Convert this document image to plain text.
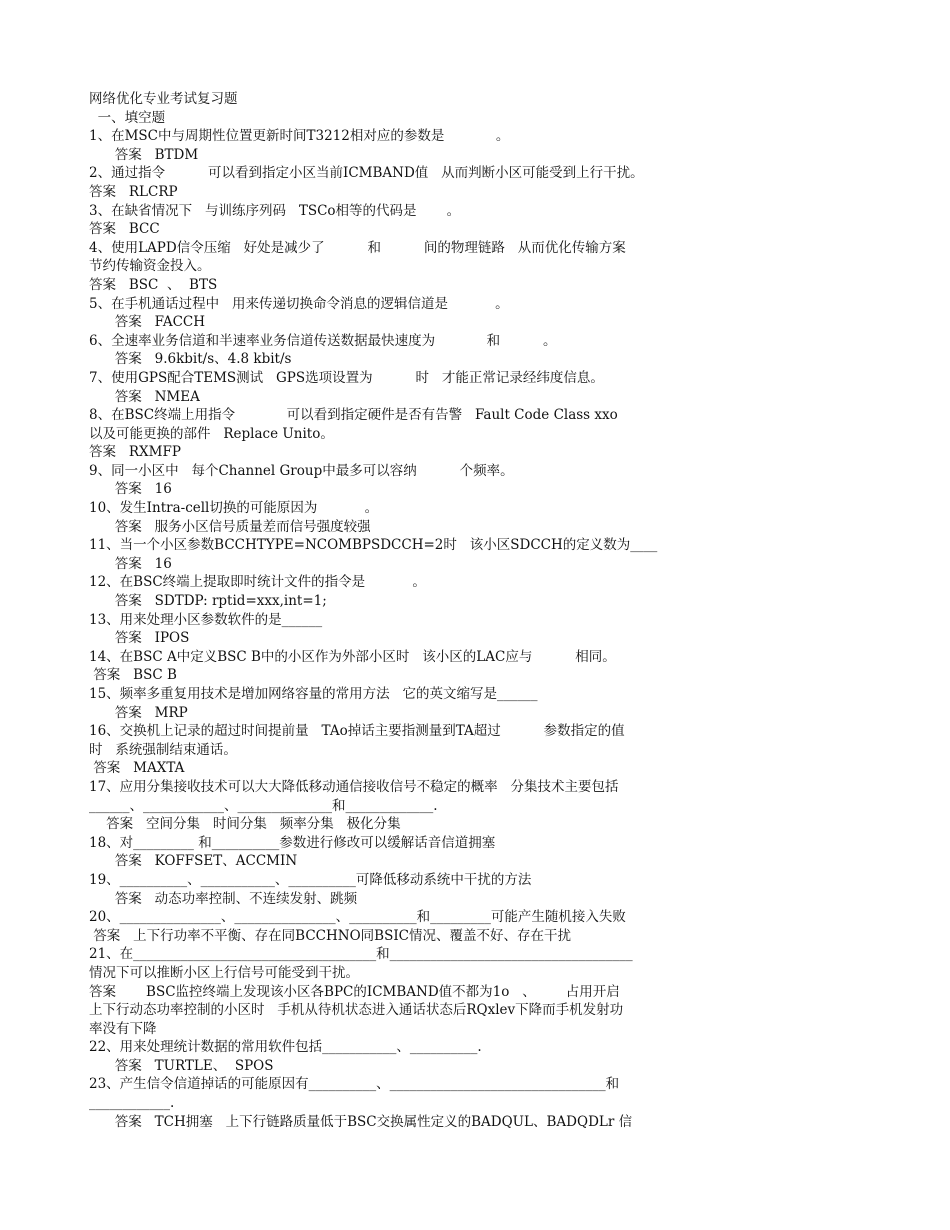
网络优化专业考试复习题
一、填空题
1、在MSC中与周期性位置更新时间T3212相对应的参数是            。
答案   BTDM
2、通过指令          可以看到指定小区当前ICMBAND值   从而判断小区可能受到上行干扰。
答案   RLCRP
3、在缺省情况下   与训练序列码   TSCo相等的代码是       。
答案   BCC
4、使用LAPD信令压缩   好处是减少了          和          间的物理链路   从而优化传输方案
节约传输资金投入。
答案   BSC  、  BTS
5、在手机通话过程中   用来传递切换命令消息的逻辑信道是           。
答案   FACCH
6、全速率业务信道和半速率业务信道传送数据最快速度为            和          。
答案   9.6kbit/s、4.8 kbit/s
7、使用GPS配合TEMS测试   GPS选项设置为          时   才能正常记录经纬度信息。
答案   NMEA
8、在BSC终端上用指令            可以看到指定硬件是否有告警   Fault Code Class xxo
以及可能更换的部件   Replace Unito。
答案   RXMFP
9、同一小区中   每个Channel Group中最多可以容纳          个频率。
答案   16
10、发生Intra-cell切换的可能原因为           。
答案   服务小区信号质量差而信号强度较强
11、当一个小区参数BCCHTYPE=NCOMBPSDCCH=2时   该小区SDCCH的定义数为____
答案   16
12、在BSC终端上提取即时统计文件的指令是           。
答案   SDTDP: rptid=xxx,int=1;
13、用来处理小区参数软件的是______
答案   IPOS
14、在BSC A中定义BSC B中的小区作为外部小区时   该小区的LAC应与          相同。
答案   BSC B
15、频率多重复用技术是增加网络容量的常用方法   它的英文缩写是______
答案   MRP
16、交换机上记录的超过时间提前量   TAo掉话主要指测量到TA超过          参数指定的值
时   系统强制结束通话。
答案   MAXTA
17、应用分集接收技术可以大大降低移动通信接收信号不稳定的概率   分集技术主要包括
______、____________、______________和_____________.
答案   空间分集   时间分集   频率分集   极化分集
18、对_________ 和__________参数进行修改可以缓解话音信道拥塞
答案   KOFFSET、ACCMIN
19、__________、___________、__________可降低移动系统中干扰的方法
答案   动态功率控制、不连续发射、跳频
20、_______________、_______________、__________和_________可能产生随机接入失败
答案   上下行功率不平衡、存在同BCCHNO同BSIC情况、覆盖不好、存在干扰
21、在____________________________________和____________________________________
情况下可以推断小区上行信号可能受到干扰。
答案       BSC监控终端上发现该小区各BPC的ICMBAND值不都为1o   、       占用开启
上下行动态功率控制的小区时   手机从待机状态进入通话状态后RQxlev下降而手机发射功
率没有下降
22、用来处理统计数据的常用软件包括___________、__________.
答案   TURTLE、  SPOS
23、产生信令信道掉话的可能原因有__________、________________________________和
____________.
答案   TCH拥塞   上下行链路质量低于BSC交换属性定义的BADQUL、BADQDLr 信
